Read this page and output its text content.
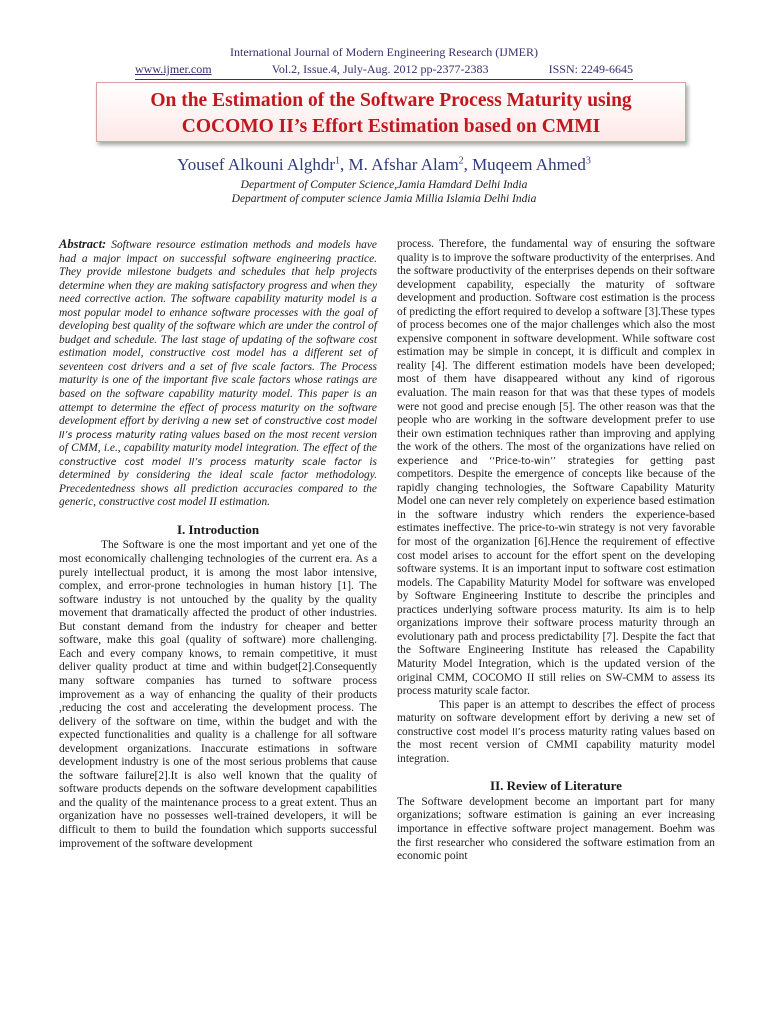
International Journal of Modern Engineering Research (IJMER)
www.ijmer.com	Vol.2, Issue.4, July-Aug. 2012 pp-2377-2383	ISSN: 2249-6645
On the Estimation of the Software Process Maturity using
COCOMO II’s Effort Estimation based on CMMI
Yousef Alkouni Alghdr$^1$, M. Afshar Alam$^2$, Muqeem Ahmed$^3$
Department of Computer Science,Jamia Hamdard Delhi India
Department of computer science Jamia Millia Islamia Delhi India

Abstract: Software resource estimation methods and models have had a major impact on successful software engineering practice. They provide milestone budgets and schedules that help projects determine when they are making satisfactory progress and when they need corrective action. The software capability maturity model is a most popular model to enhance software processes with the goal of developing best quality of the software which are under the control of budget and schedule. The last stage of updating of the software cost estimation model, constructive cost model has a different set of seventeen cost drivers and a set of five scale factors. The Process maturity is one of the important five scale factors whose ratings are based on the software capability maturity model. This paper is an attempt to determine the effect of process maturity on the software development effort by deriving a new set of constructive cost model II’s process maturity rating values based on the most recent version of CMM, i.e., capability maturity model integration. The effect of the constructive cost model II’s process maturity scale factor is determined by considering the ideal scale factor methodology. Precedentedness shows all prediction accuracies compared to the generic, constructive cost model II estimation.

I. Introduction

The Software is one the most important and yet one of the most economically challenging technologies of the current era. As a purely intellectual product, it is among the most labor intensive, complex, and error-prone technologies in human history [1]. The software industry is not untouched by the quality by the quality movement that dramatically affected the product of other industries. But constant demand from the industry for cheaper and better software, make this goal (quality of software) more challenging. Each and every company knows, to remain competitive, it must deliver quality product at time and within budget[2].Consequently many software companies has turned to software process improvement as a way of enhancing the quality of their products ,reducing the cost and accelerating the development process. The delivery of the software on time, within the budget and with the expected functionalities and quality is a challenge for all software development organizations. Inaccurate estimations in software development industry is one of the most serious problems that cause the software failure[2].It is also well known that the quality of software products depends on the software development capabilities and the quality of the maintenance process to a great extent. Thus an organization have no possesses well-trained developers, it will be difficult to them to build the foundation which supports successful improvement of the software development

process. Therefore, the fundamental way of ensuring the software quality is to improve the software productivity of the enterprises. And the software productivity of the enterprises depends on their software development capability, especially the maturity of software development and production. Software cost estimation is the process of predicting the effort required to develop a software [3].These types of process becomes one of the major challenges which also the most expensive component in software development. While software cost estimation may be simple in concept, it is difficult and complex in reality [4]. The different estimation models have been developed; most of them have disappeared without any kind of rigorous evaluation. The main reason for that was that these types of models were not good and precise enough [5]. The other reason was that the people who are working in the software development prefer to use their own estimation techniques rather than improving and applying the work of the others. The most of the organizations have relied on experience and ‘‘Price-to-win’’ strategies for getting past competitors. Despite the emergence of concepts like because of the rapidly changing technologies, the Software Capability Maturity Model one can never rely completely on experience based estimation in the software industry which renders the experience-based estimates ineffective. The price-to-win strategy is not very favorable for most of the organization [6].Hence the requirement of effective cost model arises to account for the effort spent on the developing software systems. It is an important input to software cost estimation models. The Capability Maturity Model for software was enveloped by Software Engineering Institute to describe the principles and practices underlying software process maturity. Its aim is to help organizations improve their software process maturity through an evolutionary path and process predictability [7]. Despite the fact that the Software Engineering Institute has released the Capability Maturity Model Integration, which is the updated version of the original CMM, COCOMO II still relies on SW-CMM to assess its process maturity scale factor.

This paper is an attempt to describes the effect of process maturity on software development effort by deriving a new set of constructive cost model II’s process maturity rating values based on the most recent version of CMMI capability maturity model integration.

II. Review of Literature

The Software development become an important part for many organizations; software estimation is gaining an ever increasing importance in effective software project management. Boehm was the first researcher who considered the software estimation from an economic point
